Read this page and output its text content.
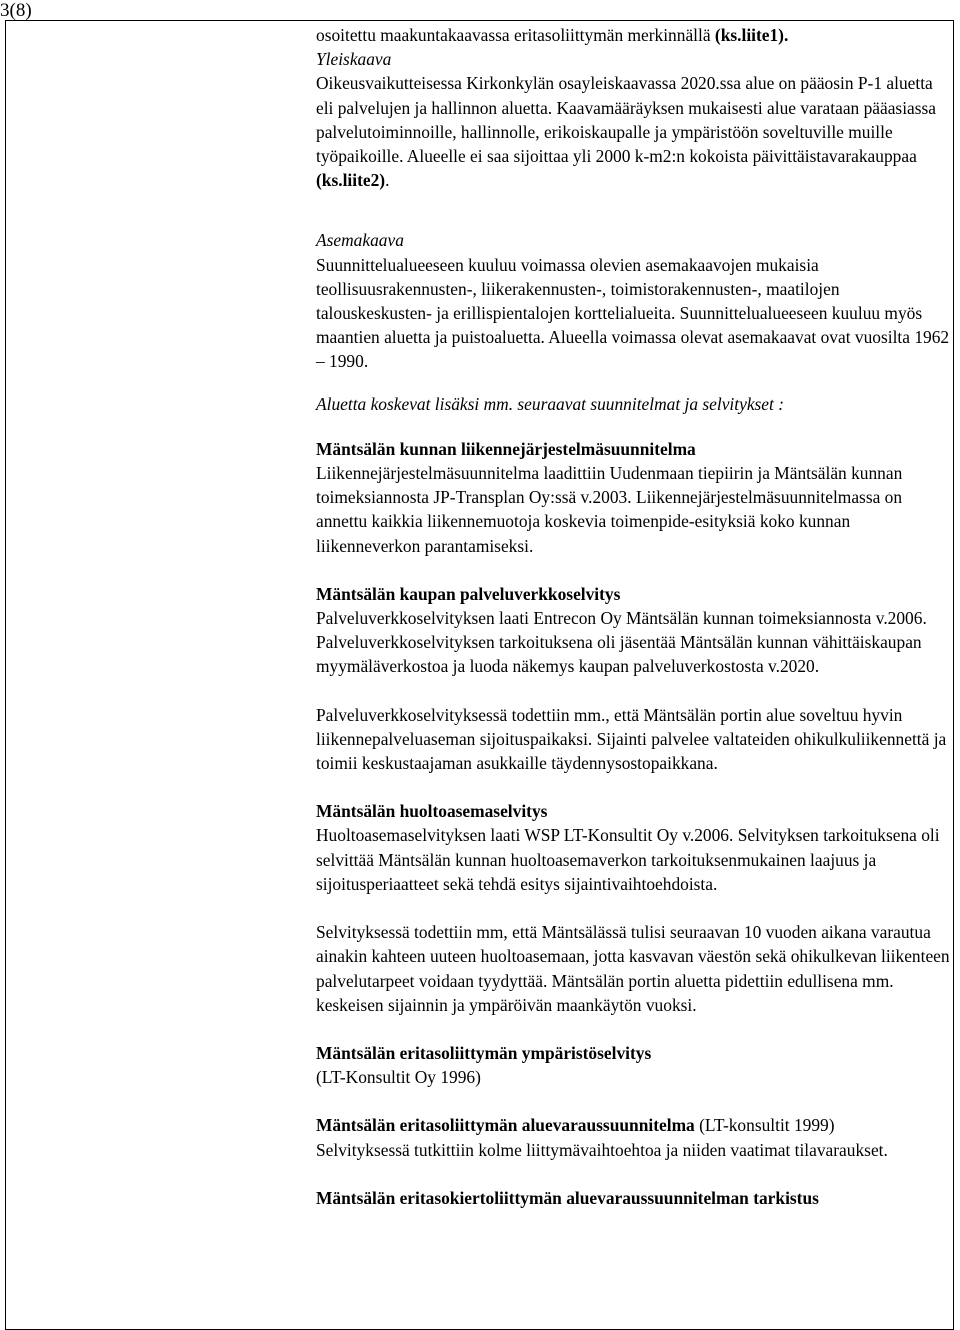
3(8)

osoitettu maakuntakaavassa eritasoliittymän merkinnällä (ks.liite1).

Yleiskaava

Oikeusvaikutteisessa Kirkonkylän osayleiskaavassa 2020.ssa alue on pääosin P-1 aluetta eli palvelujen ja hallinnon aluetta. Kaavamääräyksen mukaisesti alue varataan pääasiassa palvelutoiminnoille, hallinnolle, erikoiskaupalle ja ympäristöön soveltuville muille työpaikoille. Alueelle ei saa sijoittaa yli 2000 k-m2:n kokoista päivittäistavarakauppaa (ks.liite2).

Asemakaava

Suunnittelualueeseen kuuluu voimassa olevien asemakaavojen mukaisia teollisuusrakennusten-, liikerakennusten-, toimistorakennusten-, maatilojen talouskeskusten- ja erillispientalojen korttelialueita. Suunnittelualueeseen kuuluu myös maantien aluetta ja puistoaluetta. Alueella voimassa olevat asemakaavat ovat vuosilta 1962 – 1990.

Aluetta koskevat lisäksi mm. seuraavat suunnitelmat ja selvitykset :

Mäntsälän kunnan liikennejärjestelmäsuunnitelma

Liikennejärjestelmäsuunnitelma laadittiin Uudenmaan tiepiirin ja Mäntsälän kunnan toimeksiannosta JP-Transplan Oy:ssä v.2003. Liikennejärjestelmäsuunnitelmassa on annettu kaikkia liikennemuotoja koskevia toimenpide-esityksiä koko kunnan liikenneverkon parantamiseksi.

Mäntsälän kaupan palveluverkkoselvitys

Palveluverkkoselvityksen laati Entrecon Oy Mäntsälän kunnan toimeksiannosta v.2006. Palveluverkkoselvityksen tarkoituksena oli jäsentää Mäntsälän kunnan vähittäiskaupan myymäläverkostoa ja luoda näkemys kaupan palveluverkostosta v.2020.

Palveluverkkoselvityksessä todettiin mm., että Mäntsälän portin alue soveltuu hyvin liikennepalveluaseman sijoituspaikaksi. Sijainti palvelee valtateiden ohikulkuliikennettä ja toimii keskustaajaman asukkaille täydennysostopaikkana.

Mäntsälän huoltoasemaselvitys

Huoltoasemaselvityksen laati WSP LT-Konsultit Oy v.2006. Selvityksen tarkoituksena oli selvittää Mäntsälän kunnan huoltoasemaverkon tarkoituksenmukainen laajuus ja sijoitusperiaatteet sekä tehdä esitys sijaintivaihtoehdoista.

Selvityksessä todettiin mm, että Mäntsälässä tulisi seuraavan 10 vuoden aikana varautua ainakin kahteen uuteen huoltoasemaan, jotta kasvavan väestön sekä ohikulkevan liikenteen palvelutarpeet voidaan tyydyttää. Mäntsälän portin aluetta pidettiin edullisena mm. keskeisen sijainnin ja ympäröivän maankäytön vuoksi.

Mäntsälän eritasoliittymän ympäristöselvitys

(LT-Konsultit Oy 1996)

Mäntsälän eritasoliittymän aluevaraussuunnitelma (LT-konsultit 1999)

Selvityksessä tutkittiin kolme liittymävaihtoehtoa ja niiden vaatimat tilavaraukset.

Mäntsälän eritasokiertoliittymän aluevaraussuunnitelman tarkistus
